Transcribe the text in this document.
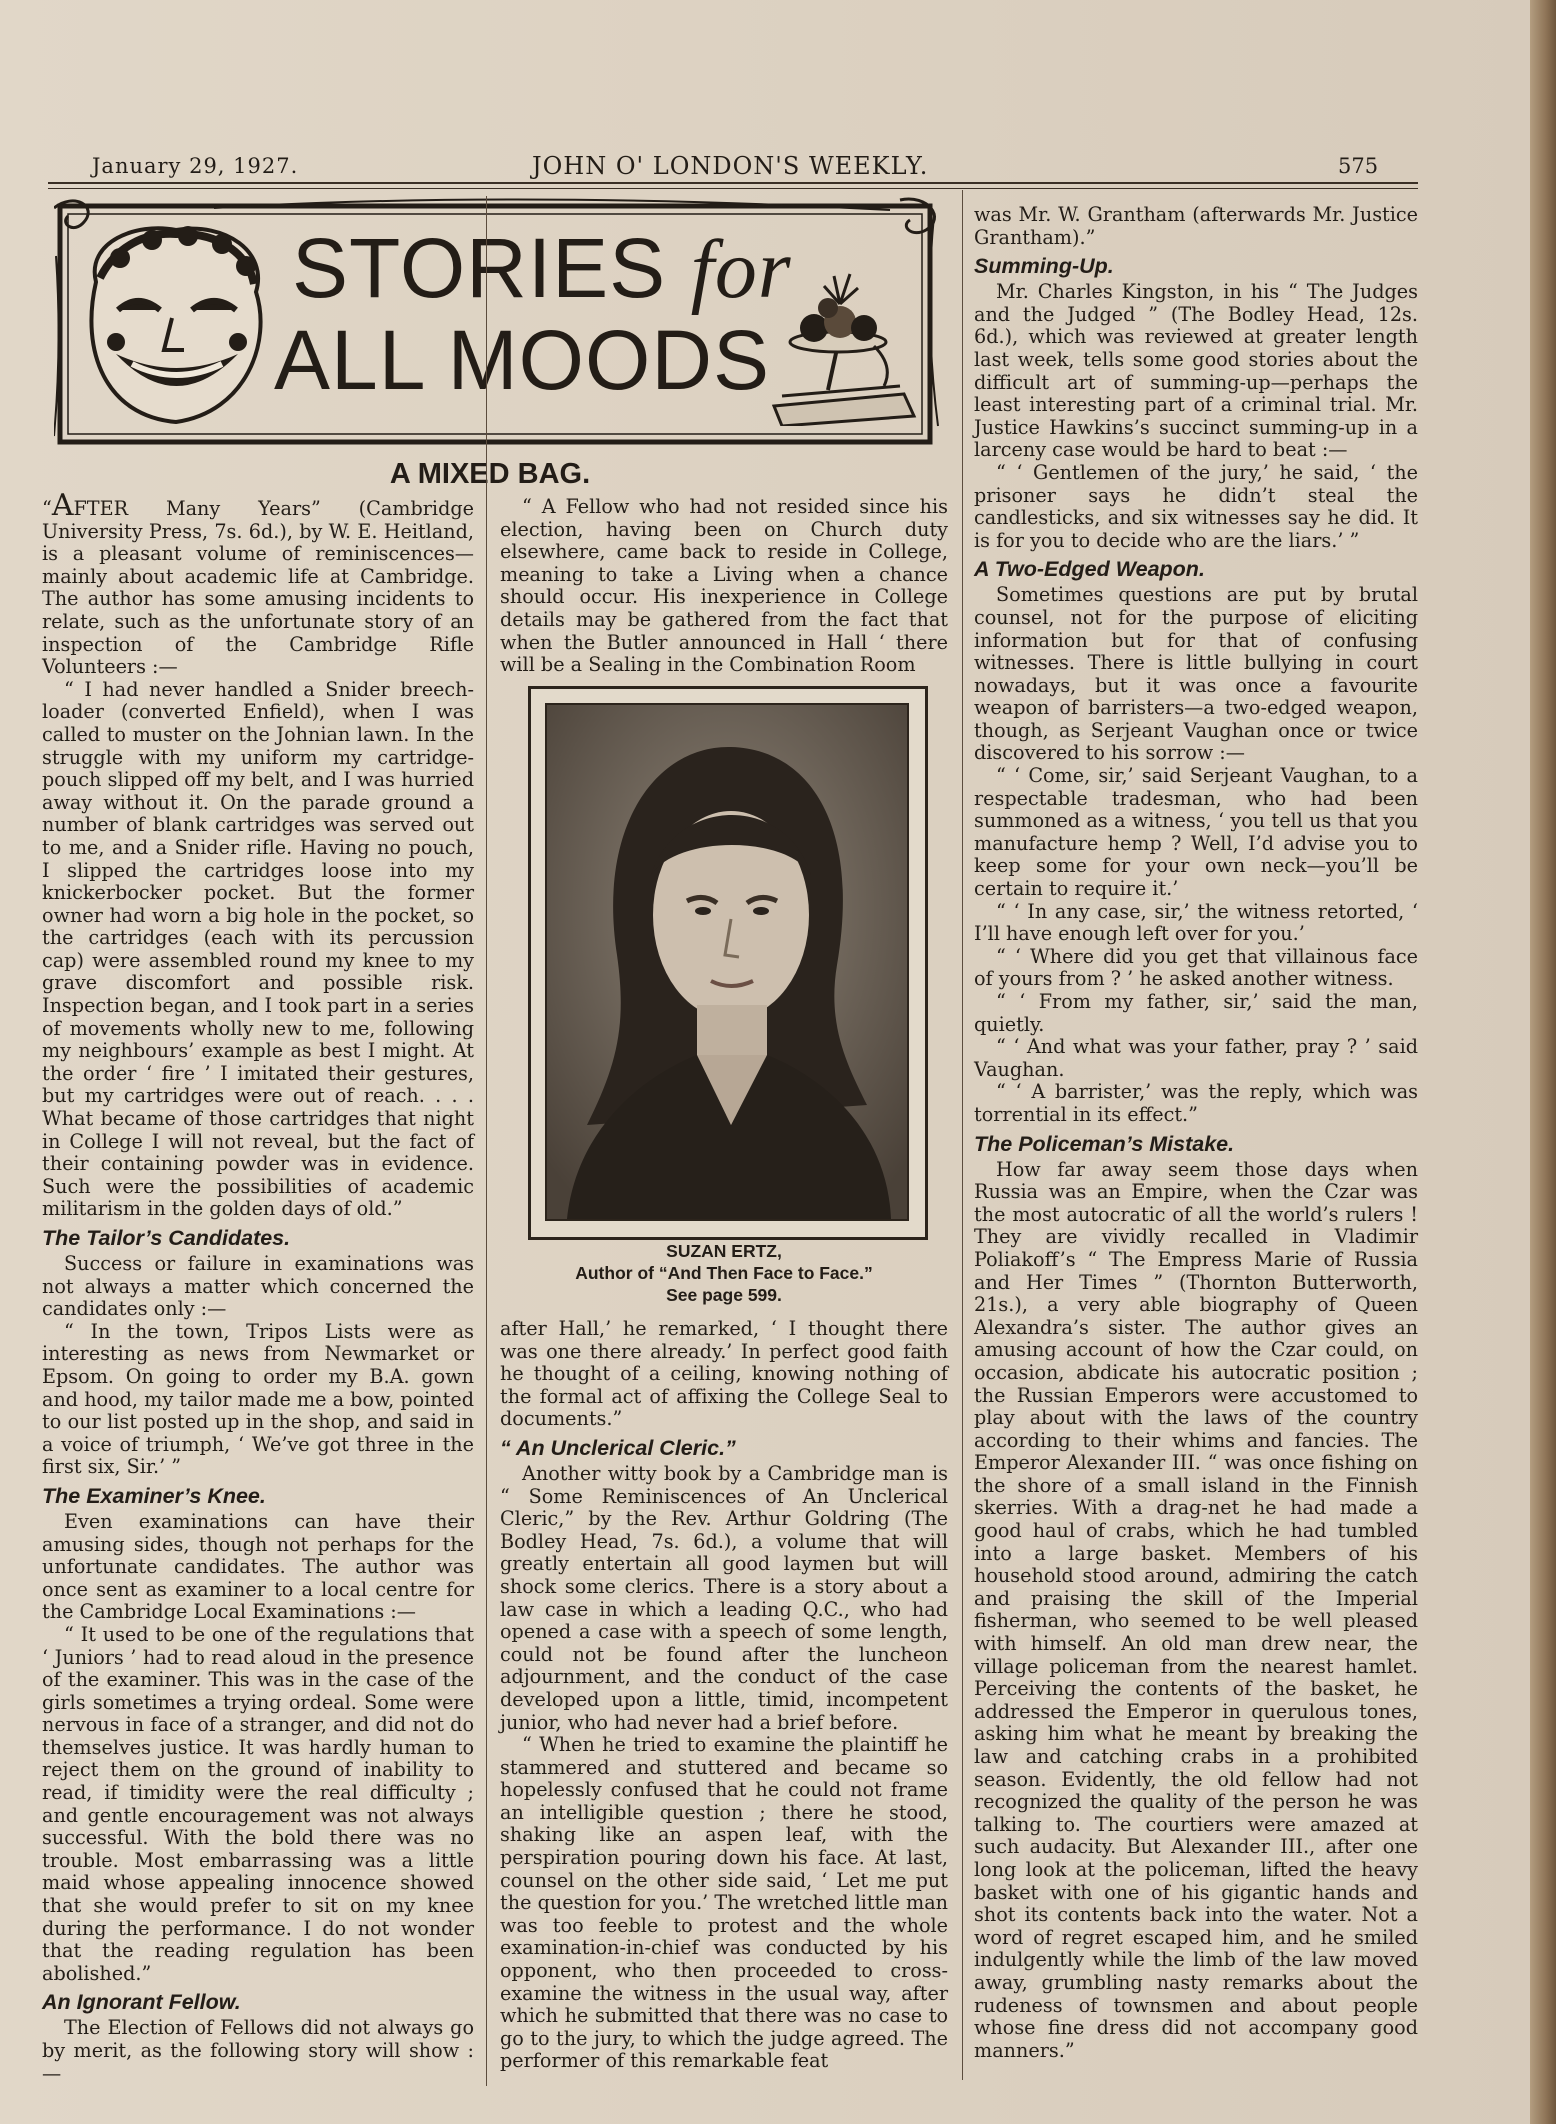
January 29, 1927.	JOHN O' LONDON'S WEEKLY.	575
STORIES for
ALL MOODS
A MIXED BAG.

“AFTER Many Years” (Cambridge University Press, 7s. 6d.), by W. E. Heitland, is a pleasant volume of reminiscences—mainly about academic life at Cambridge. The author has some amusing incidents to relate, such as the unfortunate story of an inspection of the Cambridge Rifle Volunteers :—

“ I had never handled a Snider breech-loader (converted Enfield), when I was called to muster on the Johnian lawn. In the struggle with my uniform my cartridge-pouch slipped off my belt, and I was hurried away without it. On the parade ground a number of blank cartridges was served out to me, and a Snider rifle. Having no pouch, I slipped the cartridges loose into my knickerbocker pocket. But the former owner had worn a big hole in the pocket, so the cartridges (each with its percussion cap) were assembled round my knee to my grave discomfort and possible risk. Inspection began, and I took part in a series of movements wholly new to me, following my neighbours’ example as best I might. At the order ‘ fire ’ I imitated their gestures, but my cartridges were out of reach. . . . What became of those cartridges that night in College I will not reveal, but the fact of their containing powder was in evidence. Such were the possibilities of academic militarism in the golden days of old.”

The Tailor’s Candidates.

Success or failure in examinations was not always a matter which concerned the candidates only :—

“ In the town, Tripos Lists were as interesting as news from Newmarket or Epsom. On going to order my B.A. gown and hood, my tailor made me a bow, pointed to our list posted up in the shop, and said in a voice of triumph, ‘ We’ve got three in the first six, Sir.’ ”

The Examiner’s Knee.

Even examinations can have their amusing sides, though not perhaps for the unfortunate candidates. The author was once sent as examiner to a local centre for the Cambridge Local Examinations :—

“ It used to be one of the regulations that ‘ Juniors ’ had to read aloud in the presence of the examiner. This was in the case of the girls sometimes a trying ordeal. Some were nervous in face of a stranger, and did not do themselves justice. It was hardly human to reject them on the ground of inability to read, if timidity were the real difficulty ; and gentle encouragement was not always successful. With the bold there was no trouble. Most embarrassing was a little maid whose appealing innocence showed that she would prefer to sit on my knee during the performance. I do not wonder that the reading regulation has been abolished.”

An Ignorant Fellow.

The Election of Fellows did not always go by merit, as the following story will show :—

“ A Fellow who had not resided since his election, having been on Church duty elsewhere, came back to reside in College, meaning to take a Living when a chance should occur. His inexperience in College details may be gathered from the fact that when the Butler announced in Hall ‘ there will be a Sealing in the Combination Room

SUZAN ERTZ,
Author of “And Then Face to Face.”
See page 599.

after Hall,’ he remarked, ‘ I thought there was one there already.’ In perfect good faith he thought of a ceiling, knowing nothing of the formal act of affixing the College Seal to documents.”

“ An Unclerical Cleric.”

Another witty book by a Cambridge man is “ Some Reminiscences of An Unclerical Cleric,” by the Rev. Arthur Goldring (The Bodley Head, 7s. 6d.), a volume that will greatly entertain all good laymen but will shock some clerics. There is a story about a law case in which a leading Q.C., who had opened a case with a speech of some length, could not be found after the luncheon adjournment, and the conduct of the case developed upon a little, timid, incompetent junior, who had never had a brief before.

“ When he tried to examine the plaintiff he stammered and stuttered and became so hopelessly confused that he could not frame an intelligible question ; there he stood, shaking like an aspen leaf, with the perspiration pouring down his face. At last, counsel on the other side said, ‘ Let me put the question for you.’ The wretched little man was too feeble to protest and the whole examination-in-chief was conducted by his opponent, who then proceeded to cross-examine the witness in the usual way, after which he submitted that there was no case to go to the jury, to which the judge agreed. The performer of this remarkable feat

was Mr. W. Grantham (afterwards Mr. Justice Grantham).”

Summing-Up.

Mr. Charles Kingston, in his “ The Judges and the Judged ” (The Bodley Head, 12s. 6d.), which was reviewed at greater length last week, tells some good stories about the difficult art of summing-up—perhaps the least interesting part of a criminal trial. Mr. Justice Hawkins’s succinct summing-up in a larceny case would be hard to beat :—

“ ‘ Gentlemen of the jury,’ he said, ‘ the prisoner says he didn’t steal the candlesticks, and six witnesses say he did. It is for you to decide who are the liars.’ ”

A Two-Edged Weapon.

Sometimes questions are put by brutal counsel, not for the purpose of eliciting information but for that of confusing witnesses. There is little bullying in court nowadays, but it was once a favourite weapon of barristers—a two-edged weapon, though, as Serjeant Vaughan once or twice discovered to his sorrow :—

“ ‘ Come, sir,’ said Serjeant Vaughan, to a respectable tradesman, who had been summoned as a witness, ‘ you tell us that you manufacture hemp ? Well, I’d advise you to keep some for your own neck—you’ll be certain to require it.’

“ ‘ In any case, sir,’ the witness retorted, ‘ I’ll have enough left over for you.’

“ ‘ Where did you get that villainous face of yours from ? ’ he asked another witness.

“ ‘ From my father, sir,’ said the man, quietly.

“ ‘ And what was your father, pray ? ’ said Vaughan.

“ ‘ A barrister,’ was the reply, which was torrential in its effect.”

The Policeman’s Mistake.

How far away seem those days when Russia was an Empire, when the Czar was the most autocratic of all the world’s rulers ! They are vividly recalled in Vladimir Poliakoff’s “ The Empress Marie of Russia and Her Times ” (Thornton Butterworth, 21s.), a very able biography of Queen Alexandra’s sister. The author gives an amusing account of how the Czar could, on occasion, abdicate his autocratic position ; the Russian Emperors were accustomed to play about with the laws of the country according to their whims and fancies. The Emperor Alexander III. “ was once fishing on the shore of a small island in the Finnish skerries. With a drag-net he had made a good haul of crabs, which he had tumbled into a large basket. Members of his household stood around, admiring the catch and praising the skill of the Imperial fisherman, who seemed to be well pleased with himself. An old man drew near, the village policeman from the nearest hamlet. Perceiving the contents of the basket, he addressed the Emperor in querulous tones, asking him what he meant by breaking the law and catching crabs in a prohibited season. Evidently, the old fellow had not recognized the quality of the person he was talking to. The courtiers were amazed at such audacity. But Alexander III., after one long look at the policeman, lifted the heavy basket with one of his gigantic hands and shot its contents back into the water. Not a word of regret escaped him, and he smiled indulgently while the limb of the law moved away, grumbling nasty remarks about the rudeness of townsmen and about people whose fine dress did not accompany good manners.”
